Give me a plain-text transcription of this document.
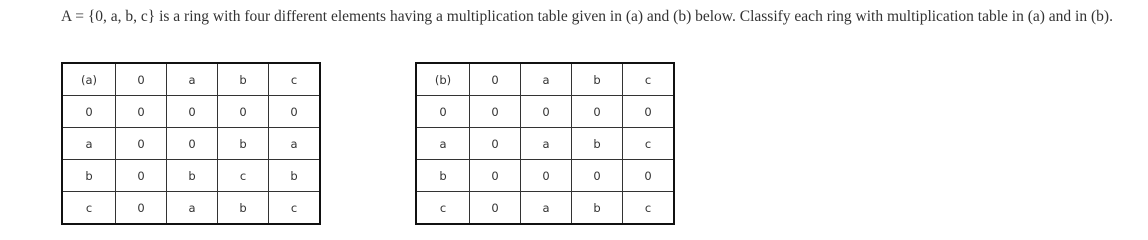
A = {0, a, b, c} is a ring with four different elements having a multiplication table given in (a) and (b) below. Classify each ring with multiplication table in (a) and in (b).

(a)	0	a	b	c
0	0	0	0	0
a	0	0	b	a
b	0	b	c	b
c	0	a	b	c
(b)	0	a	b	c
0	0	0	0	0
a	0	a	b	c
b	0	0	0	0
c	0	a	b	c
